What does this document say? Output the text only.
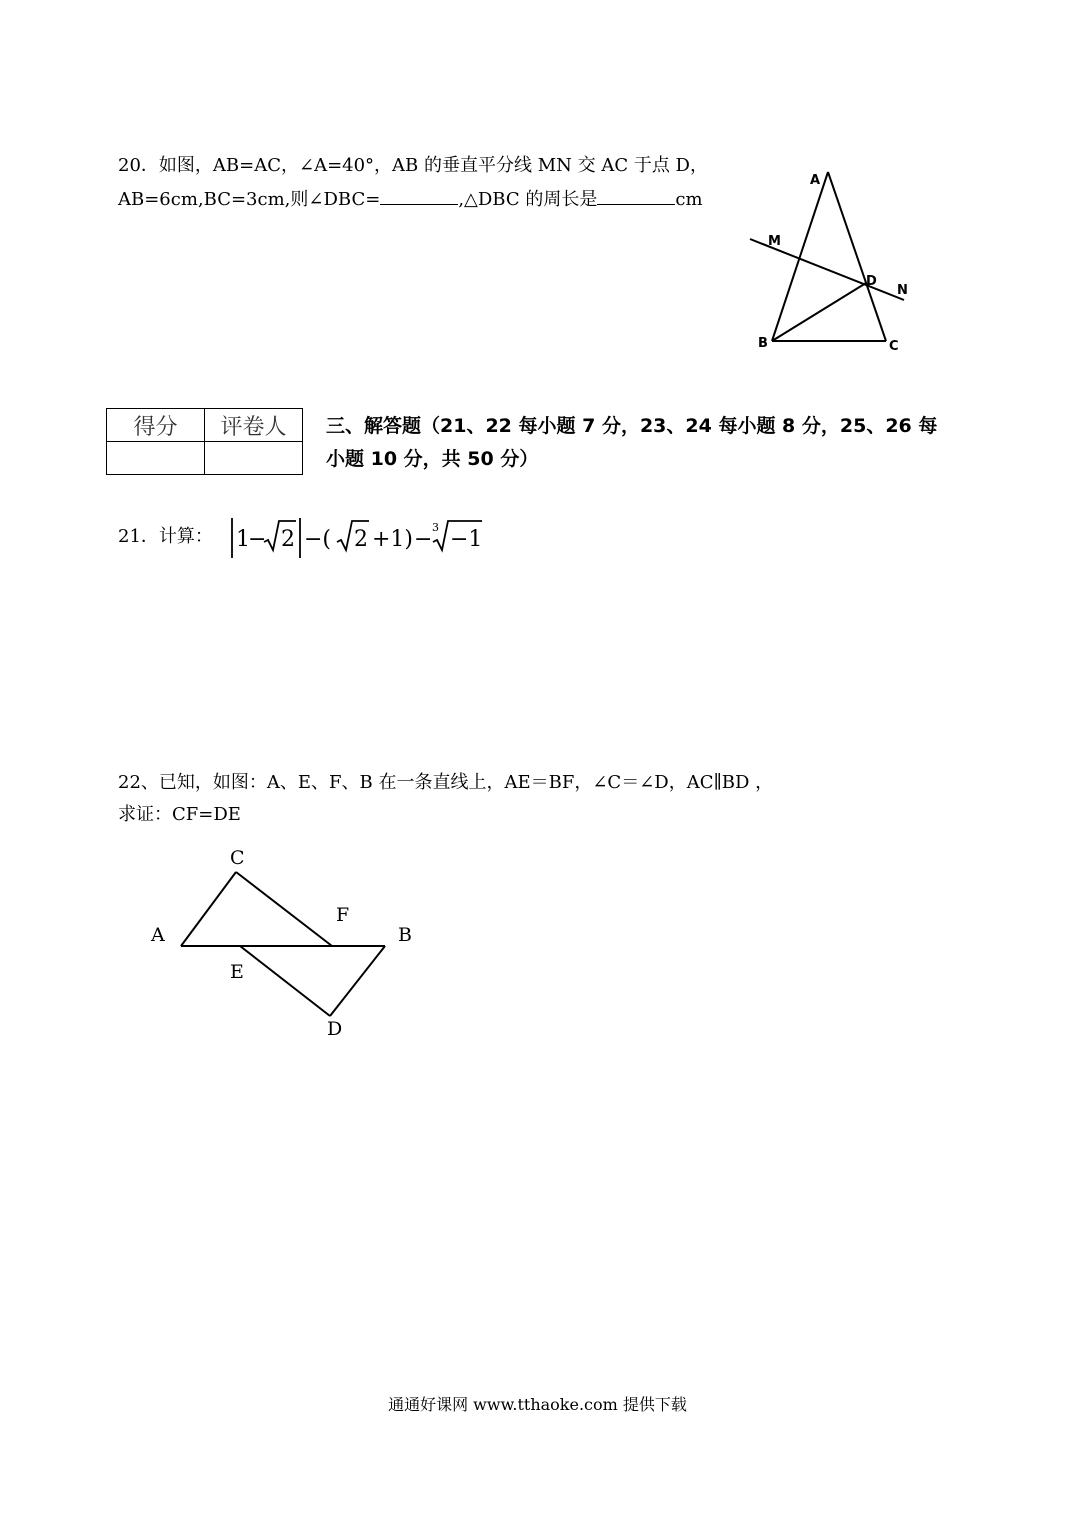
20．如图，AB=AC，∠A=40°，AB 的垂直平分线 MN 交 AC 于点 D，
AB=6cm,BC=3cm,则∠DBC=	,△DBC 的周长是	cm
A
M
D
N
B	C
得分	评卷人
	三、解答题（21、22 每小题 7 分，23、24 每小题 8 分，25、26 每小题 10 分，共 50 分）
21．计算： 1
− 2 −( 2 +1) − 3 −1
22、已知，如图：A、E、F、B 在一条直线上，AE＝BF，∠C＝∠D，AC∥BD ，
求证：CF=DE
C
F
A	B
E
D
通通好课网 www.tthaoke.com 提供下载
